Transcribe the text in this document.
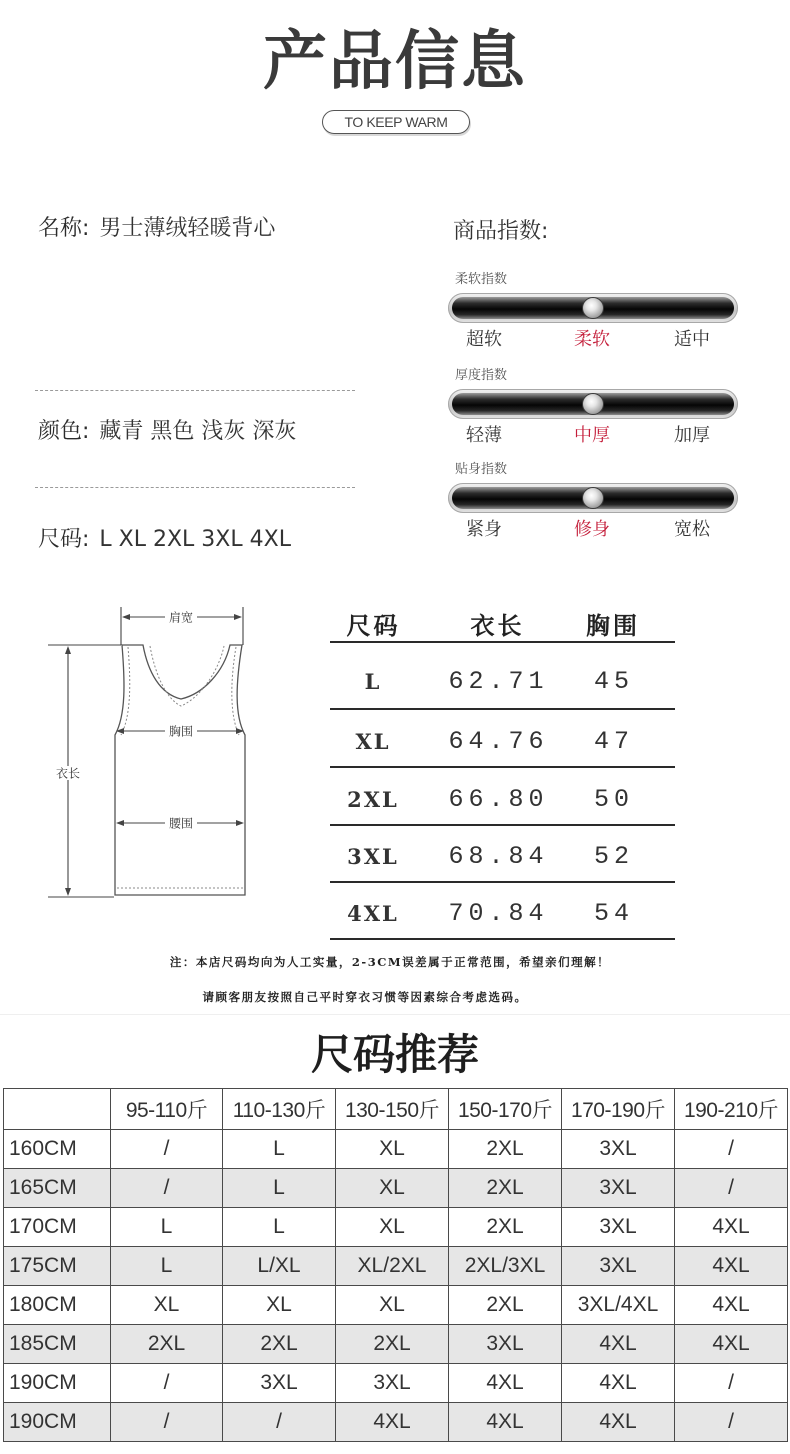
产品信息
TO KEEP WARM
名称: 男士薄绒轻暖背心
颜色: 藏青 黑色 浅灰 深灰
尺码: L XL 2XL 3XL 4XL
商品指数:
柔软指数
超软	柔软	适中
厚度指数
轻薄	中厚	加厚
贴身指数
紧身	修身	宽松
肩宽
胸围
腰围
衣长
尺码	衣长	胸围
L	62.71	45
XL	64.76	47
2XL	66.80	50
3XL	68.84	52
4XL	70.84	54
注：本店尺码均向为人工实量，2-3CM误差属于正常范围，希望亲们理解！
请顾客朋友按照自己平时穿衣习惯等因素综合考虑选码。
尺码推荐
	95-110斤	110-130斤	130-150斤	150-170斤	170-190斤	190-210斤
160CM	/	L	XL	2XL	3XL	/
165CM	/	L	XL	2XL	3XL	/
170CM	L	L	XL	2XL	3XL	4XL
175CM	L	L/XL	XL/2XL	2XL/3XL	3XL	4XL
180CM	XL	XL	XL	2XL	3XL/4XL	4XL
185CM	2XL	2XL	2XL	3XL	4XL	4XL
190CM	/	3XL	3XL	4XL	4XL	/
190CM	/	/	4XL	4XL	4XL	/
